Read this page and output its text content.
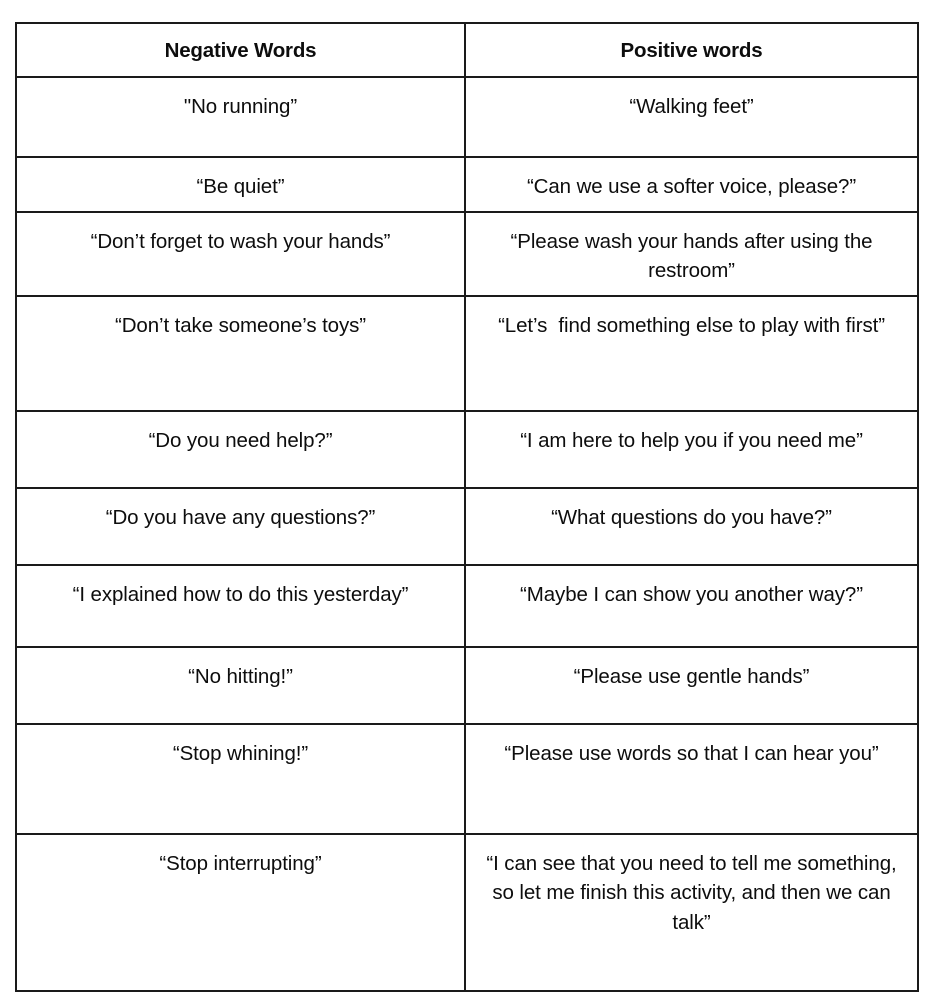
Negative Words	Positive words

"No running”	“Walking feet”

“Be quiet”	“Can we use a softer voice, please?”

“Don’t forget to wash your hands”	“Please wash your hands after using the restroom”

“Don’t take someone’s toys”	“Let’s  find something else to play with first”

“Do you need help?”	“I am here to help you if you need me”

“Do you have any questions?”	“What questions do you have?”

“I explained how to do this yesterday”	“Maybe I can show you another way?”

“No hitting!”	“Please use gentle hands”

“Stop whining!”	“Please use words so that I can hear you”

“Stop interrupting”	“I can see that you need to tell me something, so let me finish this activity, and then we can talk”
